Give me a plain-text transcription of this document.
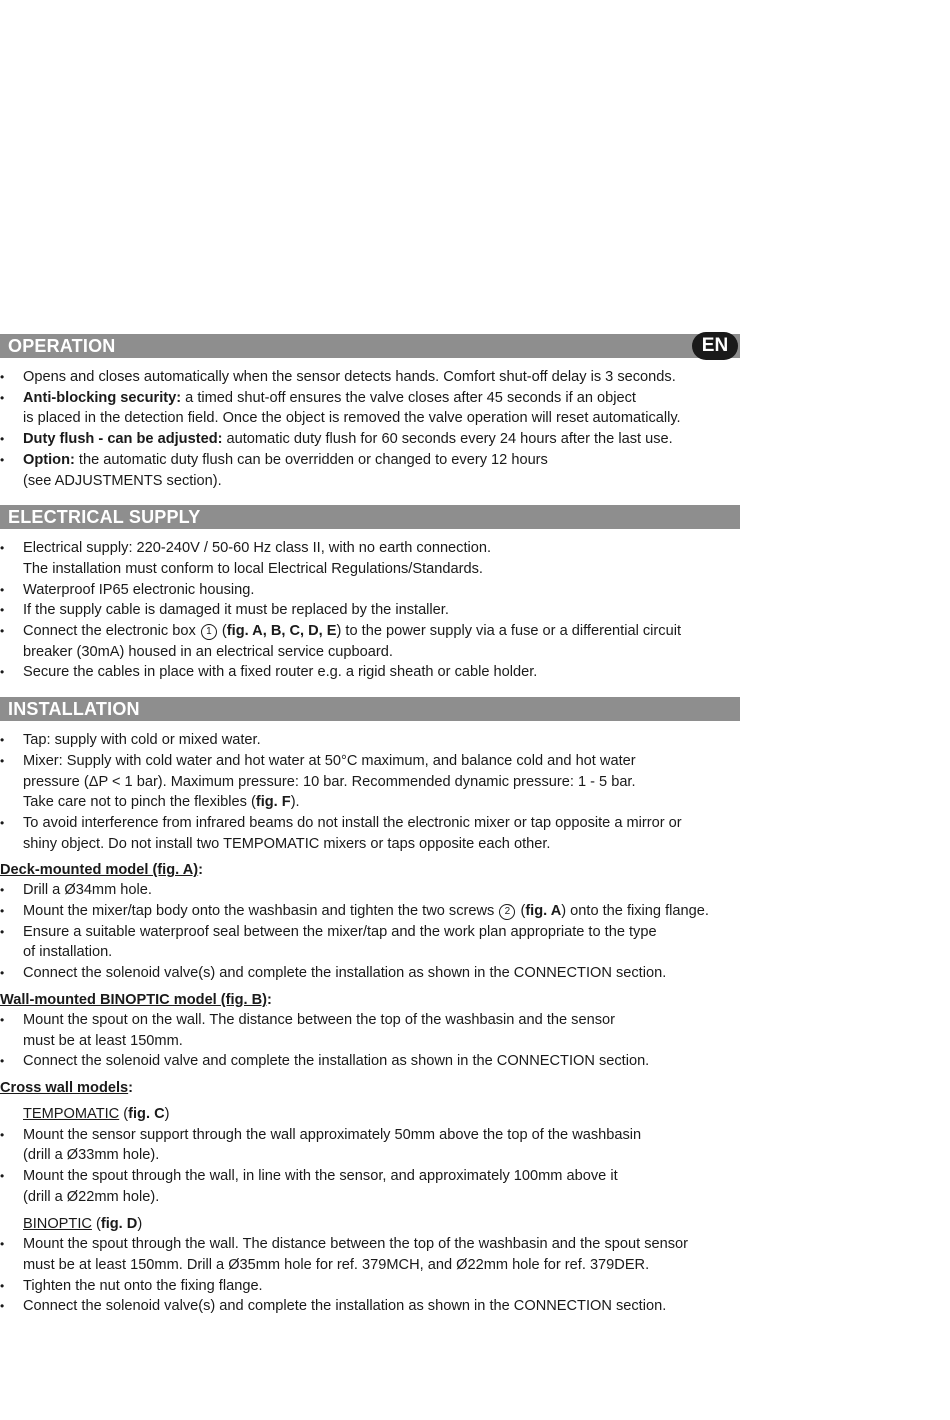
OPERATION	EN
• Opens and closes automatically when the sensor detects hands. Comfort shut-off delay is 3 seconds.
• Anti-blocking security: a timed shut-off ensures the valve closes after 45 seconds if an object
is placed in the detection field. Once the object is removed the valve operation will reset automatically.
• Duty flush - can be adjusted: automatic duty flush for 60 seconds every 24 hours after the last use.
• Option: the automatic duty flush can be overridden or changed to every 12 hours
(see ADJUSTMENTS section).
ELECTRICAL SUPPLY
• Electrical supply: 220-240V / 50-60 Hz class II, with no earth connection.
The installation must conform to local Electrical Regulations/Standards.
• Waterproof IP65 electronic housing.
• If the supply cable is damaged it must be replaced by the installer.
• Connect the electronic box 1 (fig. A, B, C, D, E) to the power supply via a fuse or a differential circuit
breaker (30mA) housed in an electrical service cupboard.
• Secure the cables in place with a fixed router e.g. a rigid sheath or cable holder.
INSTALLATION
• Tap: supply with cold or mixed water.
• Mixer: Supply with cold water and hot water at 50°C maximum, and balance cold and hot water
pressure (ΔP < 1 bar). Maximum pressure: 10 bar. Recommended dynamic pressure: 1 - 5 bar.
Take care not to pinch the flexibles (fig. F).
• To avoid interference from infrared beams do not install the electronic mixer or tap opposite a mirror or
shiny object. Do not install two TEMPOMATIC mixers or taps opposite each other.
Deck-mounted model (fig. A):
• Drill a Ø34mm hole.
• Mount the mixer/tap body onto the washbasin and tighten the two screws 2 (fig. A) onto the fixing flange.
• Ensure a suitable waterproof seal between the mixer/tap and the work plan appropriate to the type
of installation.
• Connect the solenoid valve(s) and complete the installation as shown in the CONNECTION section.
Wall-mounted BINOPTIC model (fig. B):
• Mount the spout on the wall. The distance between the top of the washbasin and the sensor
must be at least 150mm.
• Connect the solenoid valve and complete the installation as shown in the CONNECTION section.
Cross wall models:
TEMPOMATIC (fig. C)
• Mount the sensor support through the wall approximately 50mm above the top of the washbasin
(drill a Ø33mm hole).
• Mount the spout through the wall, in line with the sensor, and approximately 100mm above it
(drill a Ø22mm hole).
BINOPTIC (fig. D)
• Mount the spout through the wall. The distance between the top of the washbasin and the spout sensor
must be at least 150mm. Drill a Ø35mm hole for ref. 379MCH, and Ø22mm hole for ref. 379DER.
• Tighten the nut onto the fixing flange.
• Connect the solenoid valve(s) and complete the installation as shown in the CONNECTION section.
